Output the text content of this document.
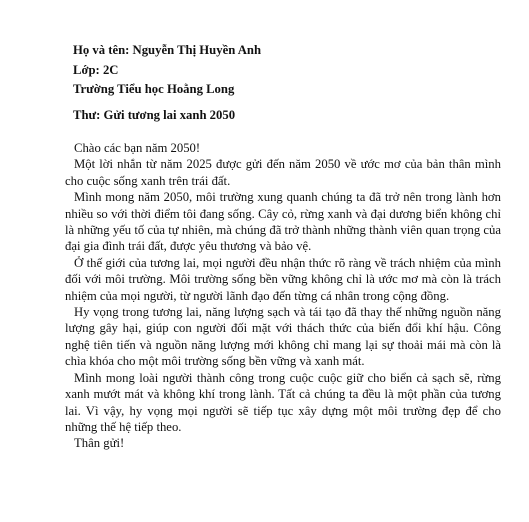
Họ và tên: Nguyễn Thị Huyền Anh
Lớp: 2C
Trường Tiểu học Hoằng Long
Thư: Gửi tương lai xanh 2050

Chào các bạn năm 2050!

Một lời nhắn từ năm 2025 được gửi đến năm 2050 về ước mơ của bản thân mình cho cuộc sống xanh trên trái đất.

Mình mong năm 2050, môi trường xung quanh chúng ta đã trở nên trong lành hơn nhiều so với thời điểm tôi đang sống. Cây cỏ, rừng xanh và đại dương biển không chỉ là những yếu tố của tự nhiên, mà chúng đã trở thành những thành viên quan trọng của đại gia đình trái đất, được yêu thương và bảo vệ.

Ở thế giới của tương lai, mọi người đều nhận thức rõ ràng về trách nhiệm của mình đối với môi trường. Môi trường sống bền vững không chỉ là ước mơ mà còn là trách nhiệm của mọi người, từ người lãnh đạo đến từng cá nhân trong cộng đồng.

Hy vọng trong tương lai, năng lượng sạch và tái tạo đã thay thế những nguồn năng lượng gây hại, giúp con người đối mặt với thách thức của biến đổi khí hậu. Công nghệ tiên tiến và nguồn năng lượng mới không chỉ mang lại sự thoải mái mà còn là chìa khóa cho một môi trường sống bền vững và xanh mát.

Mình mong loài người thành công trong cuộc cuộc giữ cho biển cả sạch sẽ, rừng xanh mướt mát và không khí trong lành. Tất cả chúng ta đều là một phần của tương lai. Vì vậy, hy vọng mọi người sẽ tiếp tục xây dựng một môi trường đẹp để cho những thế hệ tiếp theo.

Thân gửi!
